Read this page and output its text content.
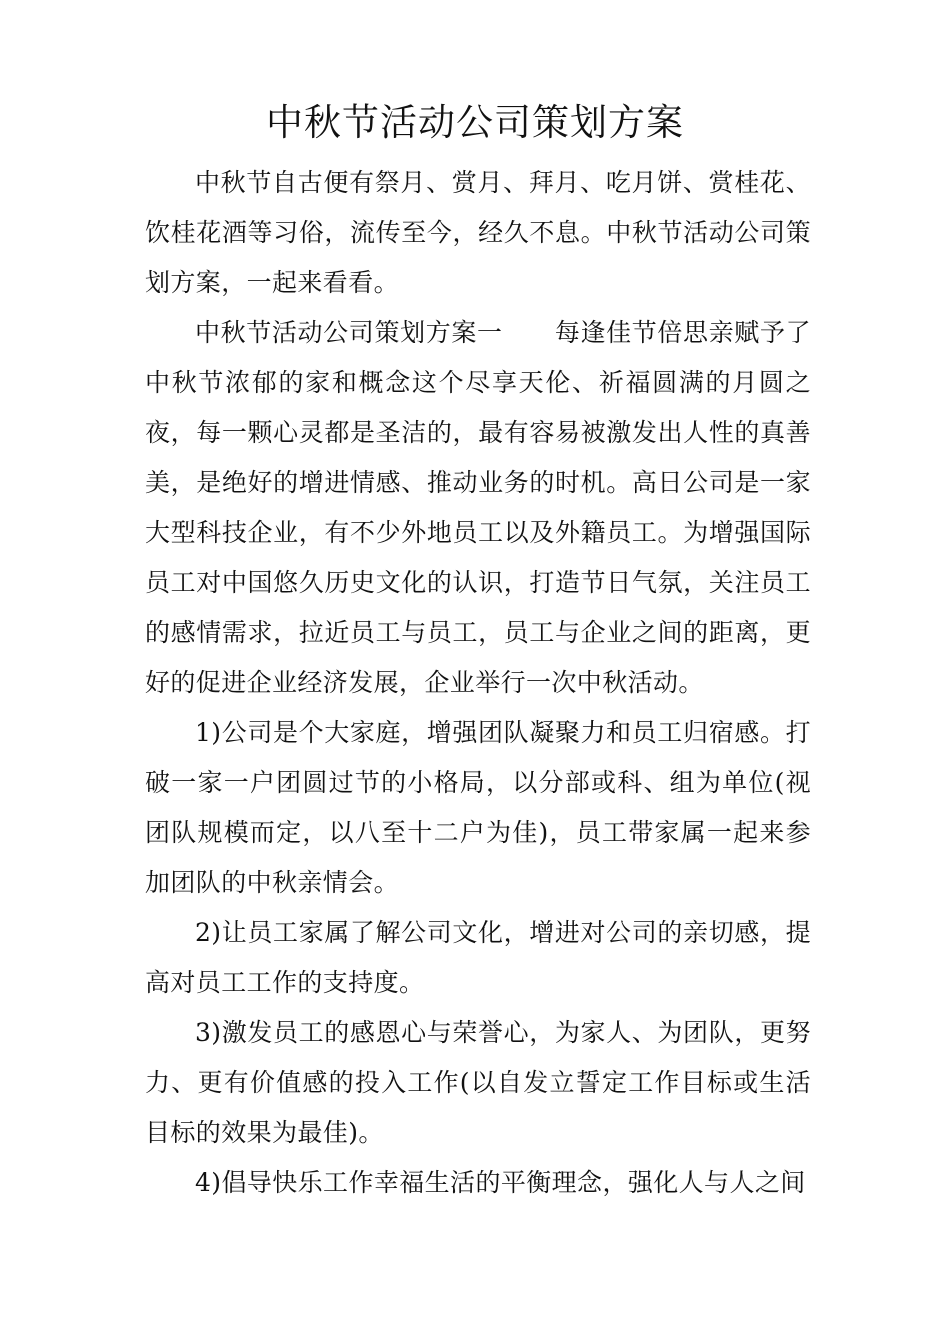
中秋节活动公司策划方案

中秋节自古便有祭月、赏月、拜月、吃月饼、赏桂花、饮桂花酒等习俗，流传至今，经久不息。中秋节活动公司策划方案，一起来看看。

中秋节活动公司策划方案一 每逢佳节倍思亲赋予了中秋节浓郁的家和概念这个尽享天伦、祈福圆满的月圆之夜，每一颗心灵都是圣洁的，最有容易被激发出人性的真善美，是绝好的增进情感、推动业务的时机。高日公司是一家大型科技企业，有不少外地员工以及外籍员工。为增强国际员工对中国悠久历史文化的认识，打造节日气氛，关注员工的感情需求，拉近员工与员工，员工与企业之间的距离，更好的促进企业经济发展，企业举行一次中秋活动。

1)公司是个大家庭，增强团队凝聚力和员工归宿感。打破一家一户团圆过节的小格局，以分部或科、组为单位(视团队规模而定，以八至十二户为佳)，员工带家属一起来参加团队的中秋亲情会。

2)让员工家属了解公司文化，增进对公司的亲切感，提高对员工工作的支持度。

3)激发员工的感恩心与荣誉心，为家人、为团队，更努力、更有价值感的投入工作(以自发立誓定工作目标或生活目标的效果为最佳)。

4)倡导快乐工作幸福生活的平衡理念，强化人与人之间
